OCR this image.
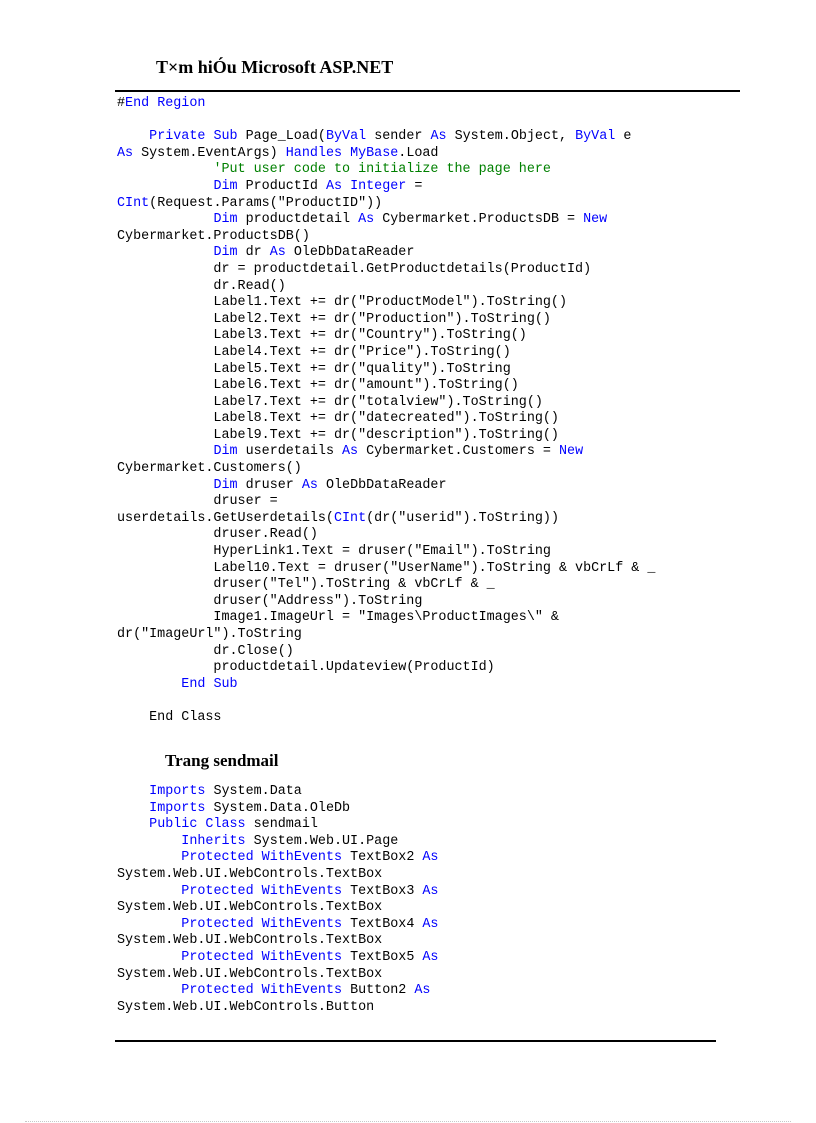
T×m hiÓu Microsoft ASP.NET
#End Region
Private Sub Page_Load(ByVal sender As System.Object, ByVal e
As System.EventArgs) Handles MyBase.Load
'Put user code to initialize the page here
Dim ProductId As Integer =
CInt(Request.Params("ProductID"))
Dim productdetail As Cybermarket.ProductsDB = New
Cybermarket.ProductsDB()
Dim dr As OleDbDataReader
dr = productdetail.GetProductdetails(ProductId)
dr.Read()
Label1.Text += dr("ProductModel").ToString()
Label2.Text += dr("Production").ToString()
Label3.Text += dr("Country").ToString()
Label4.Text += dr("Price").ToString()
Label5.Text += dr("quality").ToString
Label6.Text += dr("amount").ToString()
Label7.Text += dr("totalview").ToString()
Label8.Text += dr("datecreated").ToString()
Label9.Text += dr("description").ToString()
Dim userdetails As Cybermarket.Customers = New
Cybermarket.Customers()
Dim druser As OleDbDataReader
druser =
userdetails.GetUserdetails(CInt(dr("userid").ToString))
druser.Read()
HyperLink1.Text = druser("Email").ToString
Label10.Text = druser("UserName").ToString & vbCrLf & _
druser("Tel").ToString & vbCrLf & _
druser("Address").ToString
Image1.ImageUrl = "Images\ProductImages\" &
dr("ImageUrl").ToString
dr.Close()
productdetail.Updateview(ProductId)
End Sub
End Class
Trang sendmail
Imports System.Data
Imports System.Data.OleDb
Public Class sendmail
Inherits System.Web.UI.Page
Protected WithEvents TextBox2 As
System.Web.UI.WebControls.TextBox
Protected WithEvents TextBox3 As
System.Web.UI.WebControls.TextBox
Protected WithEvents TextBox4 As
System.Web.UI.WebControls.TextBox
Protected WithEvents TextBox5 As
System.Web.UI.WebControls.TextBox
Protected WithEvents Button2 As
System.Web.UI.WebControls.Button
